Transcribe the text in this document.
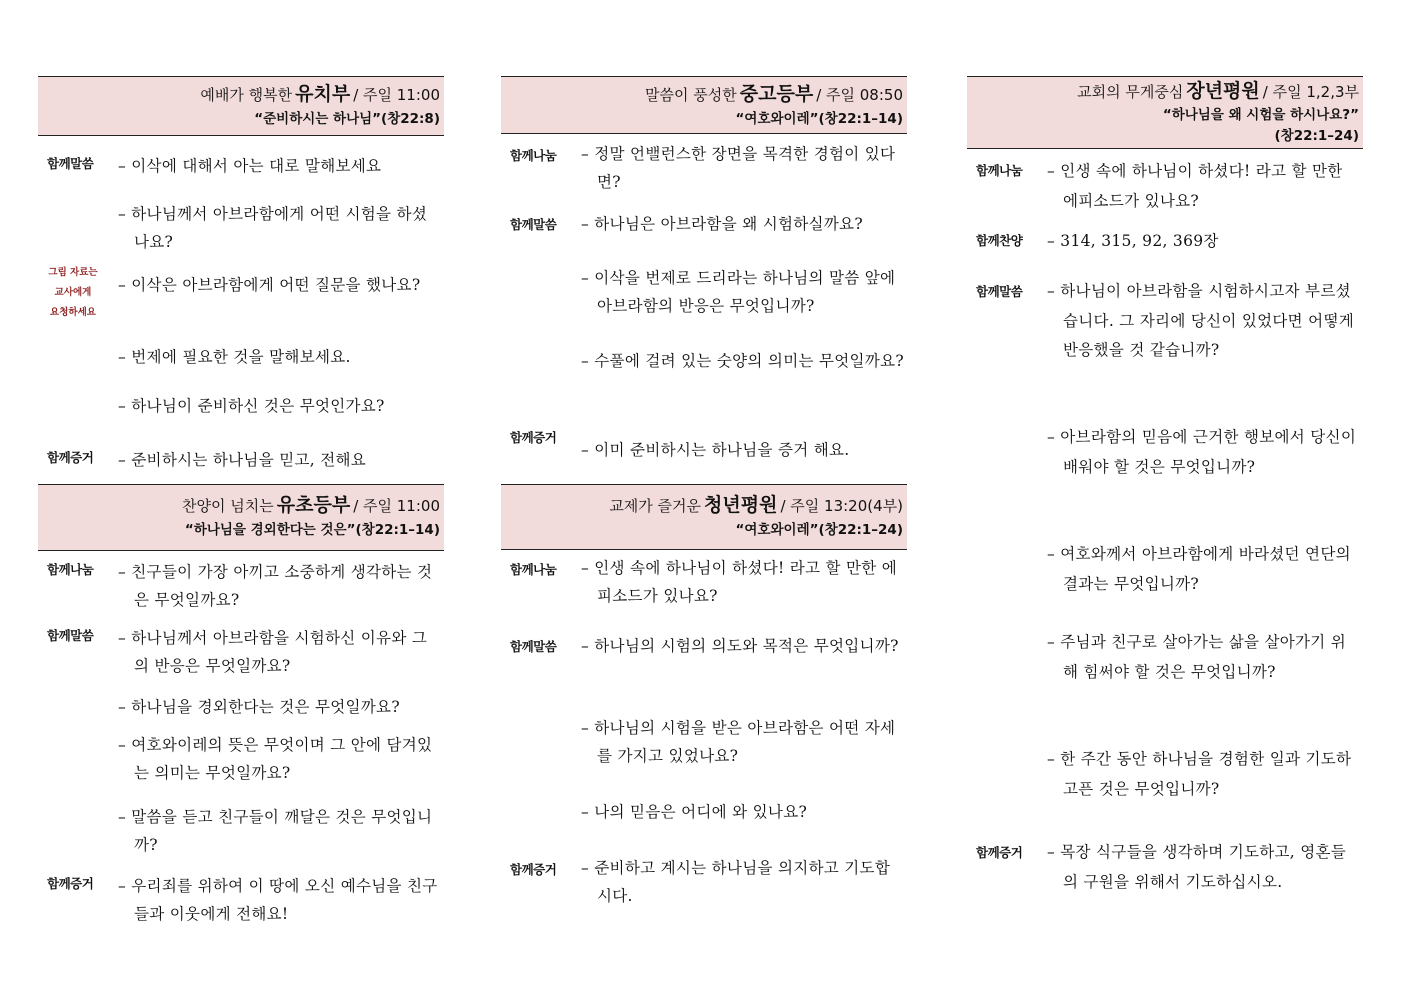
예배가 행복한 유치부 / 주일 11:00
“준비하시는 하나님”(창22:8)
함께말씀 – 이삭에 대해서 아는 대로 말해보세요
– 하나님께서 아브라함에게 어떤 시험을 하셨나요?
그림 자료는
교사에게
요청하세요
– 이삭은 아브라함에게 어떤 질문을 했나요?
– 번제에 필요한 것을 말해보세요.
– 하나님이 준비하신 것은 무엇인가요?
함께증거 – 준비하시는 하나님을 믿고, 전해요
찬양이 넘치는 유초등부 / 주일 11:00
“하나님을 경외한다는 것은”(창22:1–14)
함께나눔 – 친구들이 가장 아끼고 소중하게 생각하는 것은 무엇일까요?
함께말씀 – 하나님께서 아브라함을 시험하신 이유와 그의 반응은 무엇일까요?
– 하나님을 경외한다는 것은 무엇일까요?
– 여호와이레의 뜻은 무엇이며 그 안에 담겨있는 의미는 무엇일까요?
– 말씀을 듣고 친구들이 깨달은 것은 무엇입니까?
함께증거 – 우리죄를 위하여 이 땅에 오신 예수님을 친구들과 이웃에게 전해요!
말씀이 풍성한 중고등부 / 주일 08:50
“여호와이레”(창22:1–14)
함께나눔 – 정말 언밸런스한 장면을 목격한 경험이 있다면?
함께말씀 – 하나님은 아브라함을 왜 시험하실까요?
– 이삭을 번제로 드리라는 하나님의 말씀 앞에 아브라함의 반응은 무엇입니까?
– 수풀에 걸려 있는 숫양의 의미는 무엇일까요?
함께증거
– 이미 준비하시는 하나님을 증거 해요.
교제가 즐거운 청년평원 / 주일 13:20(4부)
“여호와이레”(창22:1–24)
함께나눔 – 인생 속에 하나님이 하셨다! 라고 할 만한 에피소드가 있나요?
함께말씀 – 하나님의 시험의 의도와 목적은 무엇입니까?
– 하나님의 시험을 받은 아브라함은 어떤 자세를 가지고 있었나요?
– 나의 믿음은 어디에 와 있나요?
함께증거 – 준비하고 계시는 하나님을 의지하고 기도합시다.
교회의 무게중심 장년평원 / 주일 1,2,3부
“하나님을 왜 시험을 하시나요?”
(창22:1–24)
함께나눔 – 인생 속에 하나님이 하셨다! 라고 할 만한 에피소드가 있나요?
함께찬양 – 314, 315, 92, 369장
함께말씀 – 하나님이 아브라함을 시험하시고자 부르셨습니다. 그 자리에 당신이 있었다면 어떻게 반응했을 것 같습니까?
– 아브라함의 믿음에 근거한 행보에서 당신이 배워야 할 것은 무엇입니까?
– 여호와께서 아브라함에게 바라셨던 연단의 결과는 무엇입니까?
– 주님과 친구로 살아가는 삶을 살아가기 위해 힘써야 할 것은 무엇입니까?
– 한 주간 동안 하나님을 경험한 일과 기도하고픈 것은 무엇입니까?
함께증거 – 목장 식구들을 생각하며 기도하고, 영혼들의 구원을 위해서 기도하십시오.
